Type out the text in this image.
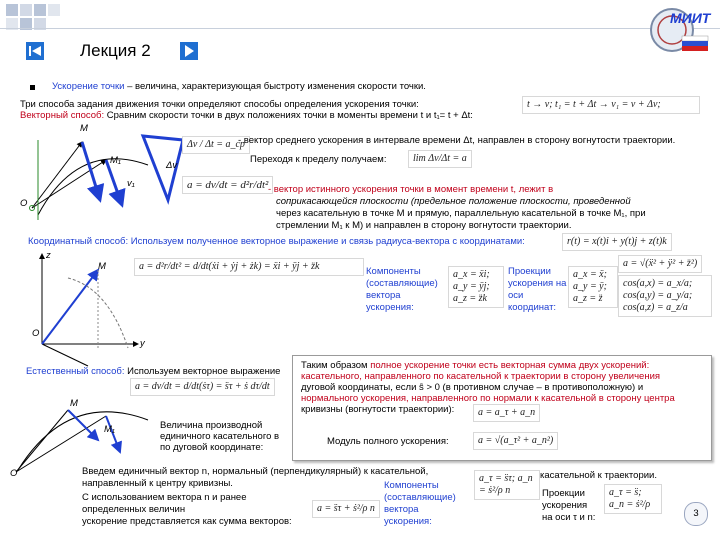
Лекция 2
МИИТ
Ускорение точки – величина, характеризующая быстроту изменения скорости точки.
Три способа задания движения точки определяют способы определения ускорения точки:
Векторный способ: Сравним скорости точки в двух положениях точки в моменты времени t и t₁= t + Δt:
t → v; t₁ = t + Δt → v₁ = v + Δv;
M
M₁
O
v₁
Δv
Δv / Δt = a_ср
- вектор среднего ускорения в интервале времени Δt, направлен в сторону вогнутости траектории.
Переходя к пределу получаем:	lim Δv/Δt = a
a = dv/dt = d²r/dt² - вектор истинного ускорения точки в момент времени t, лежит в
соприкасающейся плоскости (предельное положение плоскости, проведенной
через касательную в точке M и прямую, параллельную касательной в точке M₁, при
стремлении M₁ к M) и направлен в сторону вогнутости траектории.
Координатный способ: Используем полученное векторное выражение и связь радиуса-вектора с координатами:	r(t) = x(t)i + y(t)j + z(t)k
M
O
z
y
a = d²r/dt² = d/dt(ẋi + ẏj + żk) = ẍi + ÿj + z̈k	Компоненты (составляющие) вектора ускорения:
a_x = ẍi; a_y = ÿj; a_z = z̈k
Проекции ускорения на оси координат:
a_x = ẍ; a_y = ÿ; a_z = z̈
a = √(ẍ² + ÿ² + z̈²)
cos(a,x) = a_x/a; cos(a,y) = a_y/a; cos(a,z) = a_z/a
Естественный способ: Используем векторное выражение
a = dv/dt = d/dt(ṡτ) = s̈τ + ṡ dτ/dt
M
M₁
O
Величина производной
единичного касательного в
по дуговой координате:
Таким образом полное ускорение точки есть векторная сумма двух ускорений:
касательного, направленного по касательной к траектории в сторону увеличения
дуговой координаты, если ṡ̈ > 0 (в противном случае – в противоположную) и
нормального ускорения, направленного по нормали к касательной в сторону центра
кривизны (вогнутости траектории):	a = a_τ + a_n
Модуль полного ускорения:	a = √(a_τ² + a_n²)
Введем единичный вектор n, нормальный (перпендикулярный) к касательной,
направленный к центру кривизны.
С использованием вектора n и ранее
определенных величин
ускорение представляется как сумма векторов:
a = s̈τ + ṡ²/ρ n
Компоненты (составляющие) вектора ускорения:
a_τ = s̈τ; a_n = ṡ²/ρ n
касательной к траектории.
Проекции ускорения на оси τ и n:
a_τ = s̈; a_n = ṡ²/ρ
3
